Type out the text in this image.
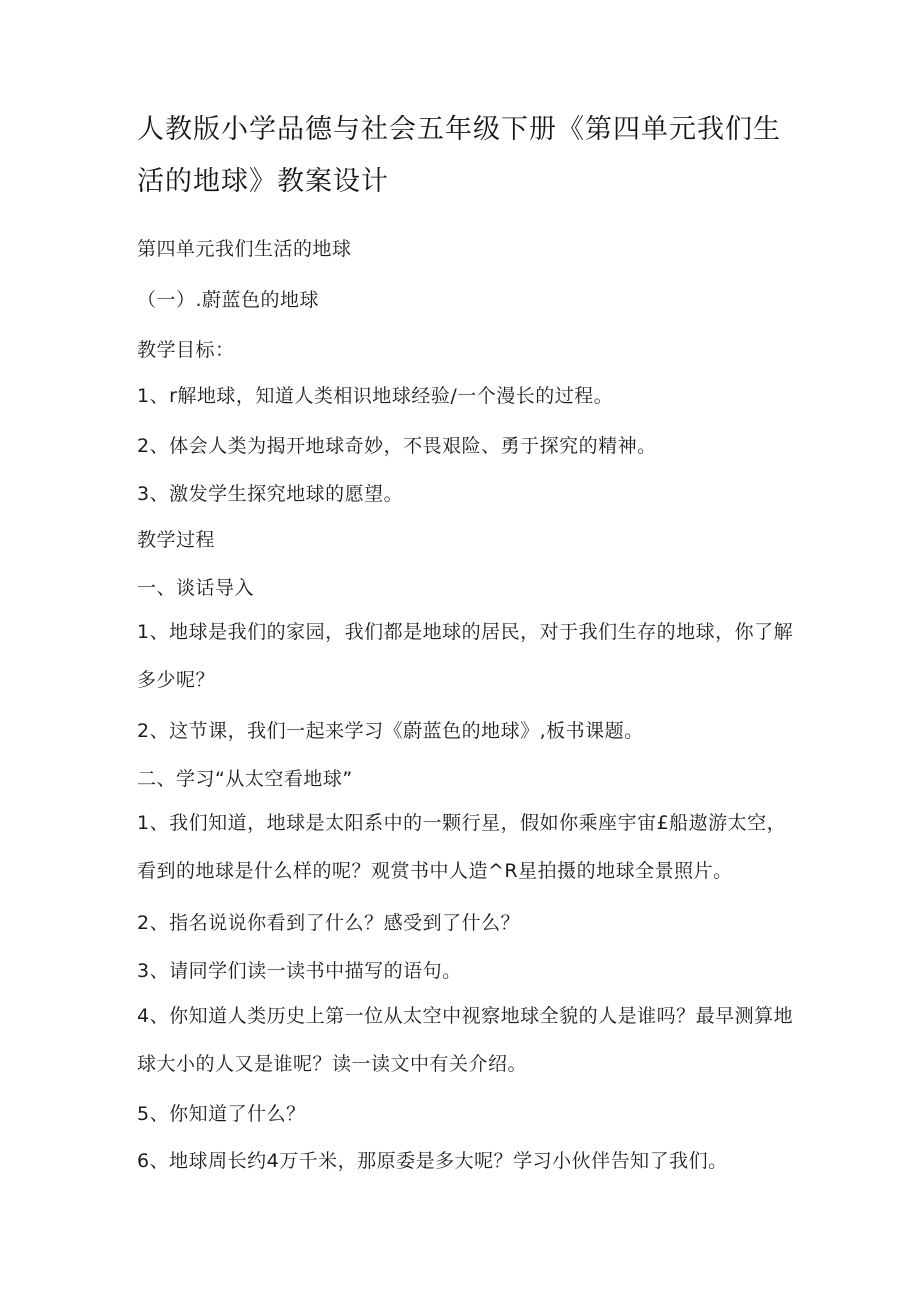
人教版小学品德与社会五年级下册《第四单元我们生活的地球》教案设计

第四单元我们生活的地球

（一）.蔚蓝色的地球

教学目标：

1、r解地球，知道人类相识地球经验/一个漫长的过程。

2、体会人类为揭开地球奇妙，不畏艰险、勇于探究的精神。

3、激发学生探究地球的愿望。

教学过程

一、谈话导入

1、地球是我们的家园，我们都是地球的居民，对于我们生存的地球，你了解多少呢？

2、这节课，我们一起来学习《蔚蓝色的地球》,板书课题。

二、学习“从太空看地球”

1、我们知道，地球是太阳系中的一颗行星，假如你乘座宇宙£船遨游太空，看到的地球是什么样的呢？观赏书中人造^R星拍摄的地球全景照片。

2、指名说说你看到了什么？感受到了什么？

3、请同学们读一读书中描写的语句。

4、你知道人类历史上第一位从太空中视察地球全貌的人是谁吗？最早测算地球大小的人又是谁呢？读一读文中有关介绍。

5、你知道了什么？

6、地球周长约4万千米，那原委是多大呢？学习小伙伴告知了我们。
